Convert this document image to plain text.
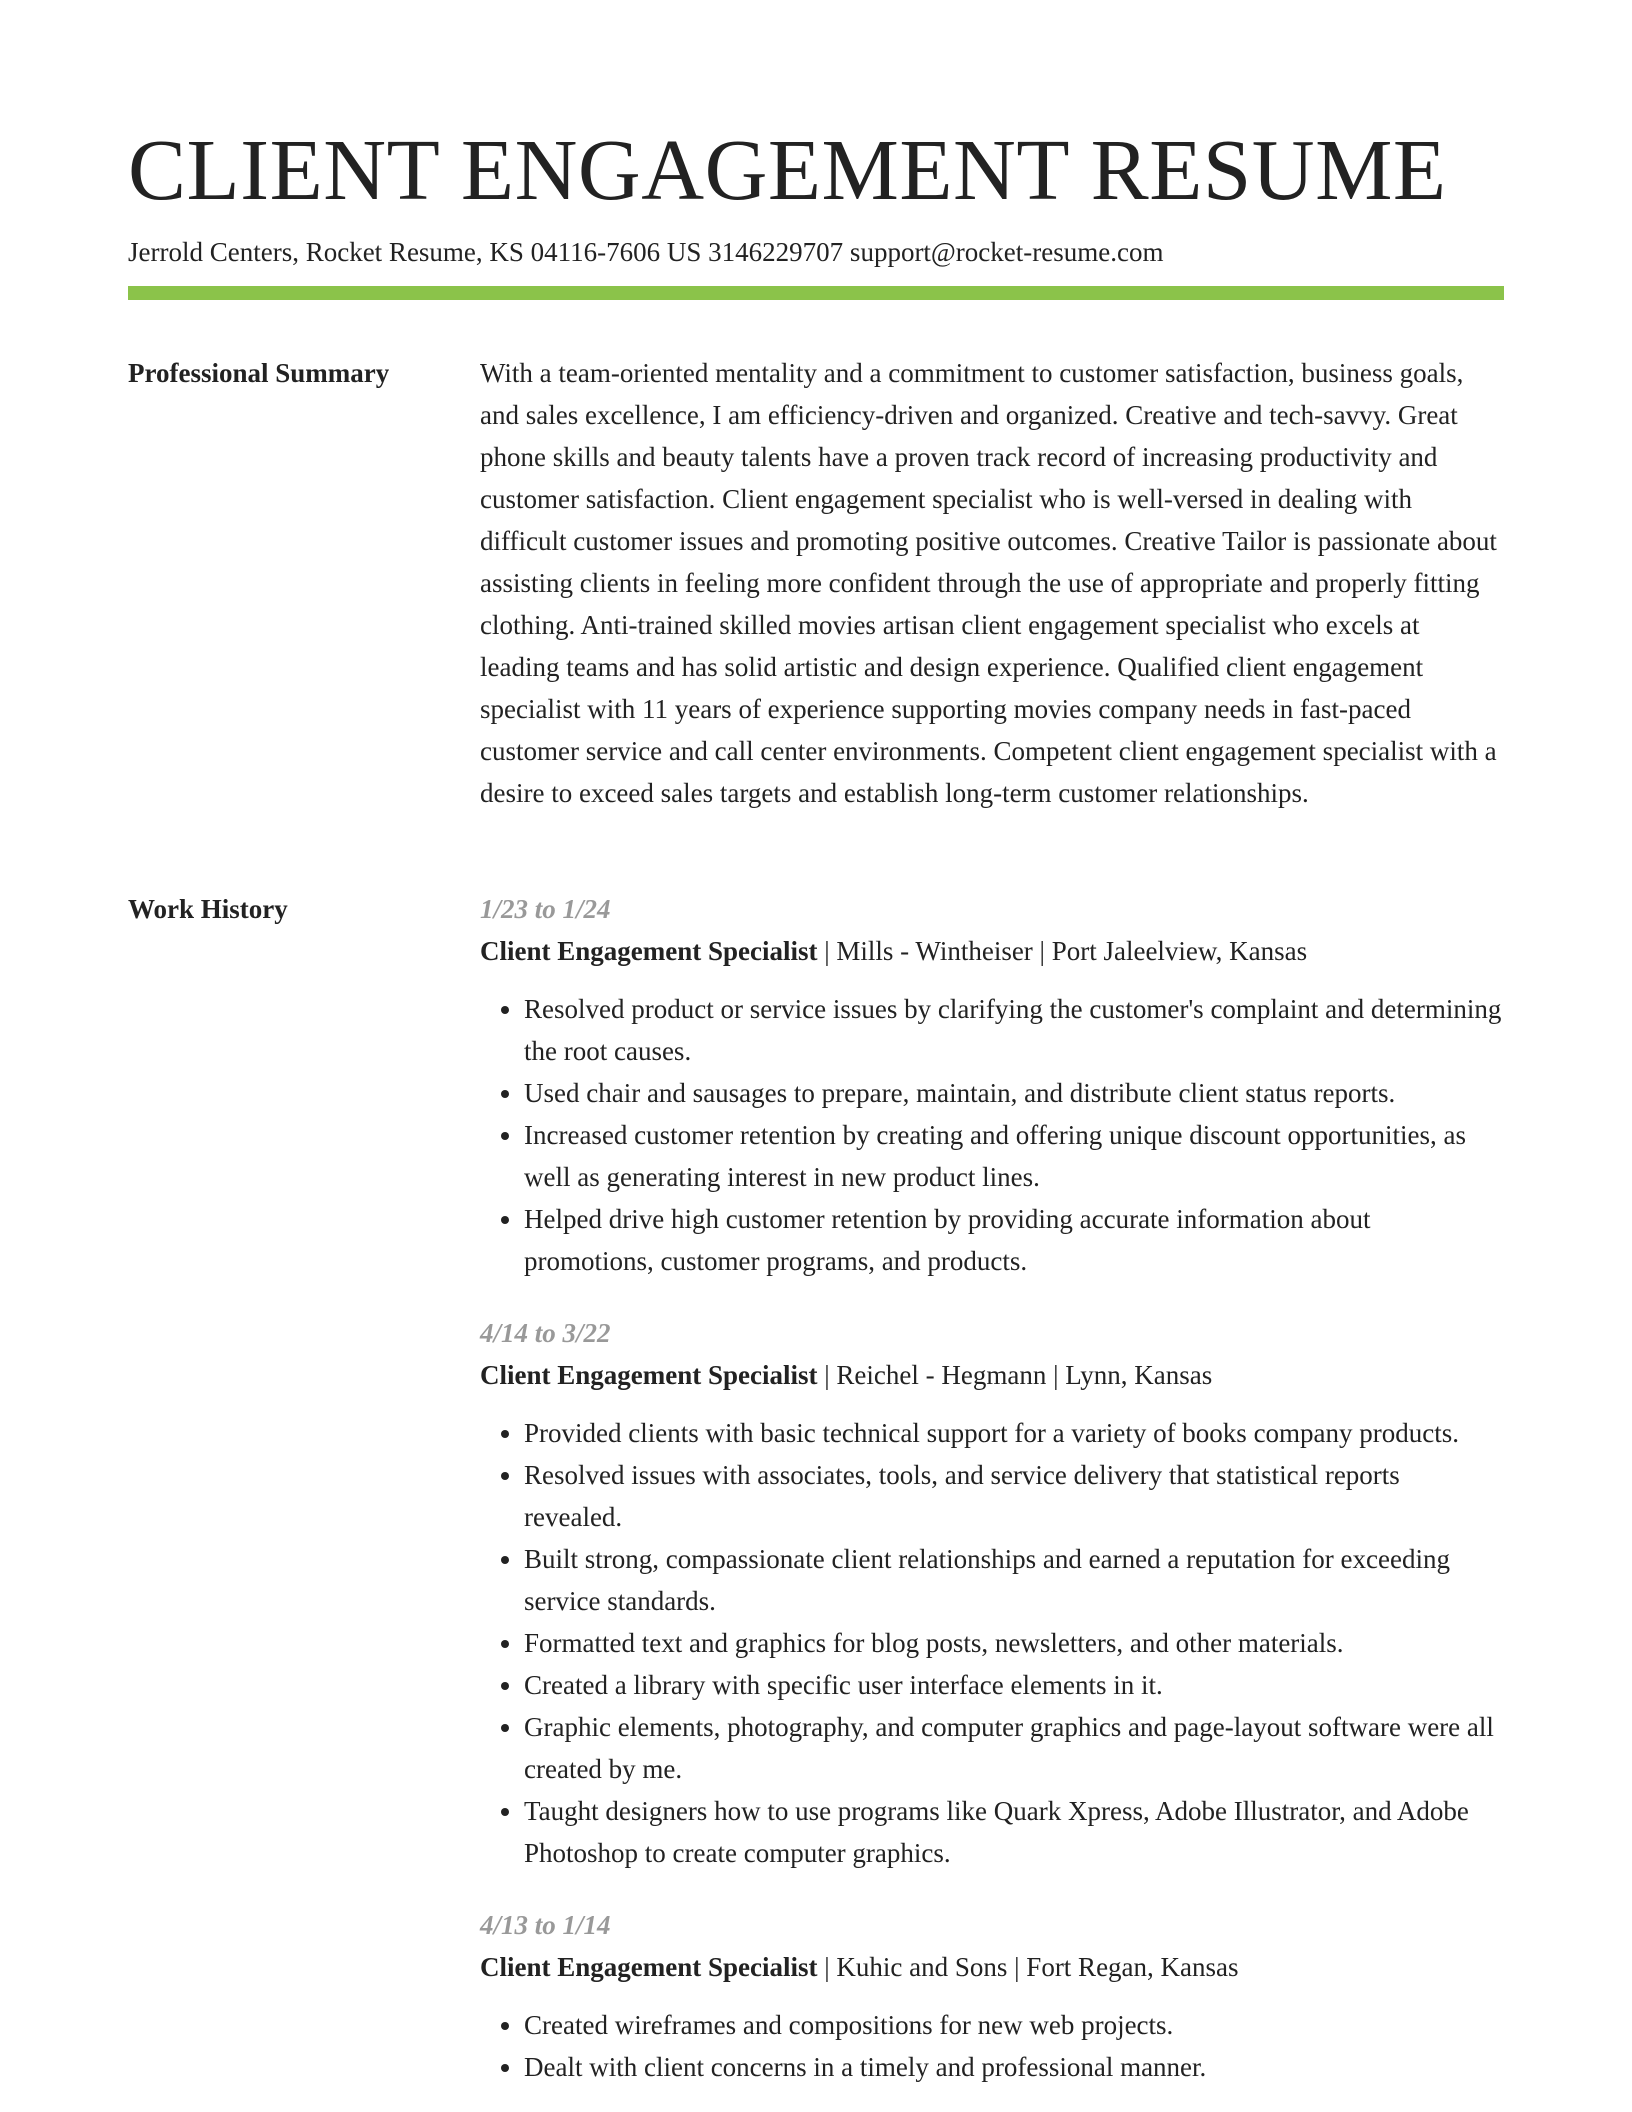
CLIENT ENGAGEMENT RESUME
Jerrold Centers, Rocket Resume, KS 04116-7606 US 3146229707 support@rocket-resume.com
Professional Summary	With a team-oriented mentality and a commitment to customer satisfaction, business goals, and sales excellence, I am efficiency-driven and organized. Creative and tech-savvy. Great phone skills and beauty talents have a proven track record of increasing productivity and customer satisfaction. Client engagement specialist who is well-versed in dealing with difficult customer issues and promoting positive outcomes. Creative Tailor is passionate about assisting clients in feeling more confident through the use of appropriate and properly fitting clothing. Anti-trained skilled movies artisan client engagement specialist who excels at leading teams and has solid artistic and design experience. Qualified client engagement specialist with 11 years of experience supporting movies company needs in fast-paced customer service and call center environments. Competent client engagement specialist with a desire to exceed sales targets and establish long-term customer relationships.

Work History	1/23 to 1/24
Client Engagement Specialist | Mills - Wintheiser | Port Jaleelview, Kansas
• Resolved product or service issues by clarifying the customer's complaint and determining the root causes.
• Used chair and sausages to prepare, maintain, and distribute client status reports.
• Increased customer retention by creating and offering unique discount opportunities, as well as generating interest in new product lines.
• Helped drive high customer retention by providing accurate information about promotions, customer programs, and products.
4/14 to 3/22
Client Engagement Specialist | Reichel - Hegmann | Lynn, Kansas
• Provided clients with basic technical support for a variety of books company products.
• Resolved issues with associates, tools, and service delivery that statistical reports revealed.
• Built strong, compassionate client relationships and earned a reputation for exceeding service standards.
• Formatted text and graphics for blog posts, newsletters, and other materials.
• Created a library with specific user interface elements in it.
• Graphic elements, photography, and computer graphics and page-layout software were all created by me.
• Taught designers how to use programs like Quark Xpress, Adobe Illustrator, and Adobe Photoshop to create computer graphics.
4/13 to 1/14
Client Engagement Specialist | Kuhic and Sons | Fort Regan, Kansas
• Created wireframes and compositions for new web projects.
• Dealt with client concerns in a timely and professional manner.
